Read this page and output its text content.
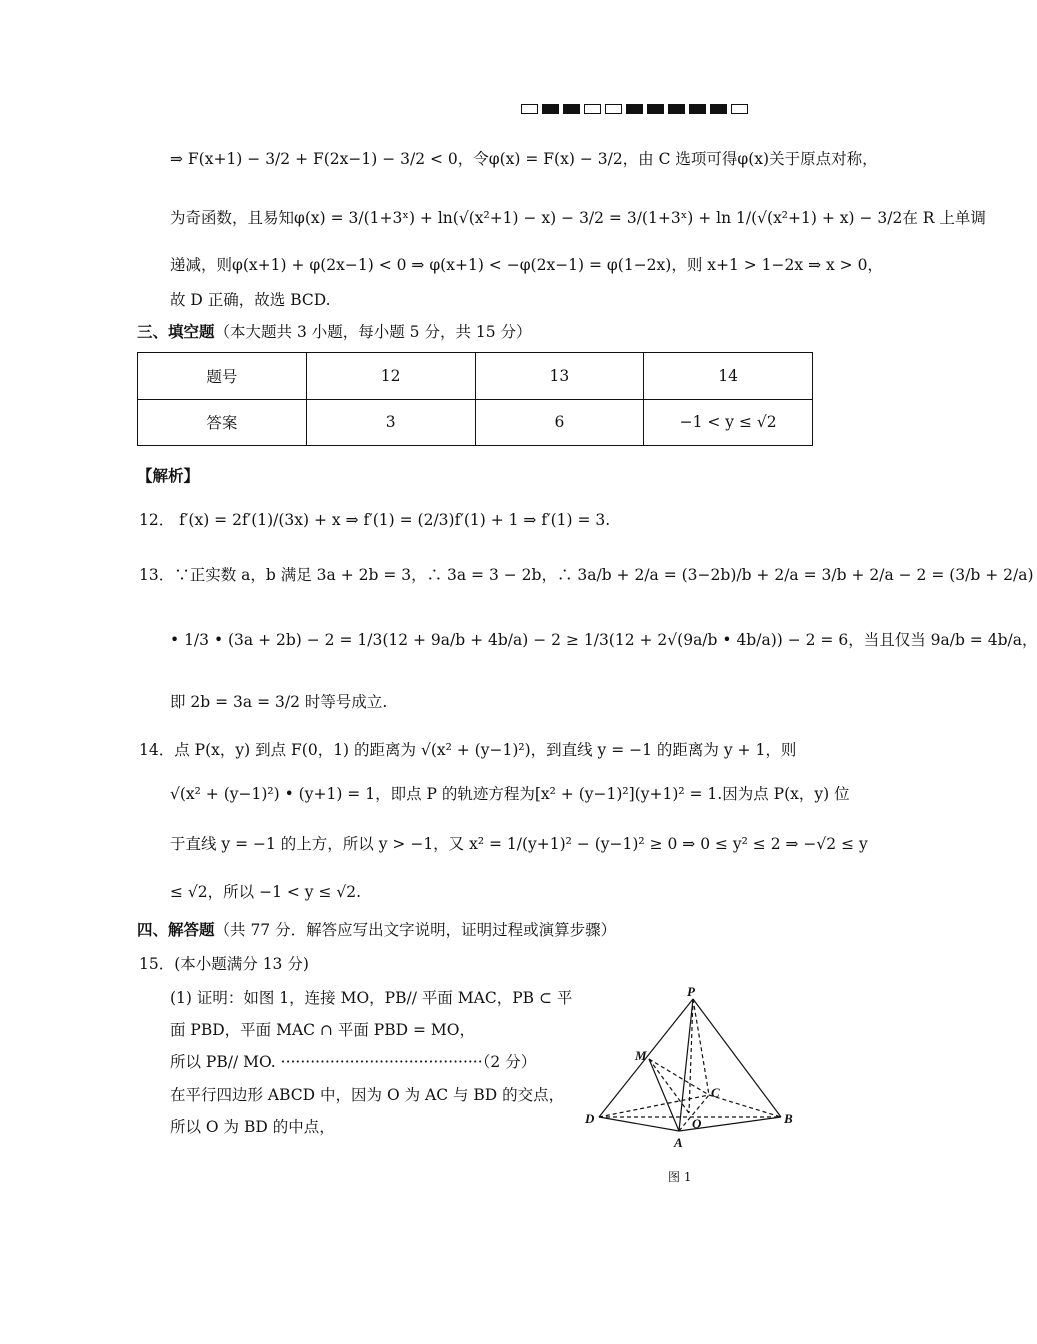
⇒ F(x+1) − 3/2 + F(2x−1) − 3/2 < 0，令φ(x) = F(x) − 3/2，由 C 选项可得φ(x)关于原点对称，
为奇函数，且易知φ(x) = 3/(1+3ˣ) + ln(√(x²+1) − x) − 3/2 = 3/(1+3ˣ) + ln 1/(√(x²+1) + x) − 3/2在 R 上单调
递减，则φ(x+1) + φ(2x−1) < 0 ⇒ φ(x+1) < −φ(2x−1) = φ(1−2x)，则 x+1 > 1−2x ⇒ x > 0，
故 D 正确，故选 BCD.
三、填空题（本大题共 3 小题，每小题 5 分，共 15 分）
题号	12	13	14
答案	3	6	−1 < y ≤ √2
【解析】
12． f′(x) = 2f′(1)/(3x) + x ⇒ f′(1) = (2/3)f′(1) + 1 ⇒ f′(1) = 3.
13．∵正实数 a，b 满足 3a + 2b = 3，∴ 3a = 3 − 2b，∴ 3a/b + 2/a = (3−2b)/b + 2/a = 3/b + 2/a − 2 = (3/b + 2/a)
• 1/3 • (3a + 2b) − 2 = 1/3(12 + 9a/b + 4b/a) − 2 ≥ 1/3(12 + 2√(9a/b • 4b/a)) − 2 = 6，当且仅当 9a/b = 4b/a，
即 2b = 3a = 3/2 时等号成立.
14．点 P(x，y) 到点 F(0，1) 的距离为 √(x² + (y−1)²)，到直线 y = −1 的距离为 y + 1，则
√(x² + (y−1)²) • (y+1) = 1，即点 P 的轨迹方程为[x² + (y−1)²](y+1)² = 1.因为点 P(x，y) 位
于直线 y = −1 的上方，所以 y > −1，又 x² = 1/(y+1)² − (y−1)² ≥ 0 ⇒ 0 ≤ y² ≤ 2 ⇒ −√2 ≤ y
≤ √2，所以 −1 < y ≤ √2.
四、解答题（共 77 分．解答应写出文字说明，证明过程或演算步骤）
15．(本小题满分 13 分)
(1) 证明：如图 1，连接 MO，PB// 平面 MAC，PB ⊂ 平
面 PBD，平面 MAC ∩ 平面 PBD = MO，
所以 PB// MO. ·········································（2 分）
在平行四边形 ABCD 中，因为 O 为 AC 与 BD 的交点，
所以 O 为 BD 的中点，
P
M
C
D	O	B
A
图 1
